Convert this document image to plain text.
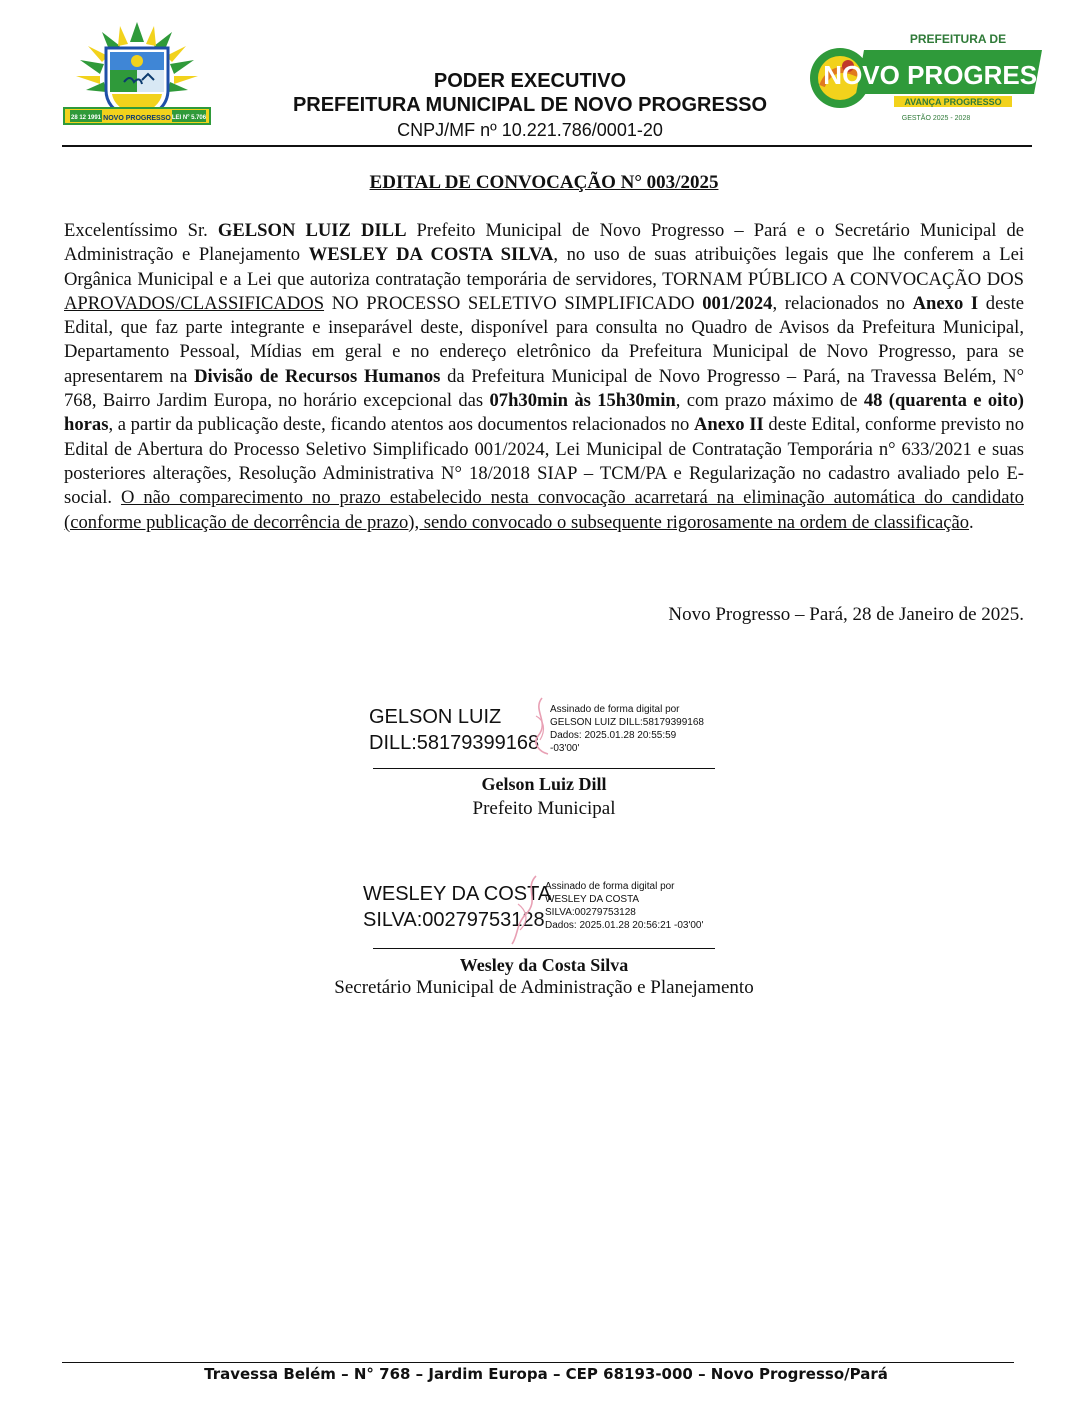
28 12 1991 NOVO PROGRESSO LEI Nº 5.706
PODER EXECUTIVO
PREFEITURA MUNICIPAL DE NOVO PROGRESSO
CNPJ/MF nº 10.221.786/0001-20
PREFEITURA DE
NOVO PROGRESSO
AVANÇA PROGRESSO
GESTÃO 2025 - 2028
EDITAL DE CONVOCAÇÃO N° 003/2025
Excelentíssimo Sr. GELSON LUIZ DILL Prefeito Municipal de Novo Progresso – Pará e o Secretário Municipal de Administração e Planejamento WESLEY DA COSTA SILVA, no uso de suas atribuições legais que lhe conferem a Lei Orgânica Municipal e a Lei que autoriza contratação temporária de servidores, TORNAM PÚBLICO A CONVOCAÇÃO DOS APROVADOS/CLASSIFICADOS NO PROCESSO SELETIVO SIMPLIFICADO 001/2024, relacionados no Anexo I deste Edital, que faz parte integrante e inseparável deste, disponível para consulta no Quadro de Avisos da Prefeitura Municipal, Departamento Pessoal, Mídias em geral e no endereço eletrônico da Prefeitura Municipal de Novo Progresso, para se apresentarem na Divisão de Recursos Humanos da Prefeitura Municipal de Novo Progresso – Pará, na Travessa Belém, N° 768, Bairro Jardim Europa, no horário excepcional das 07h30min às 15h30min, com prazo máximo de 48 (quarenta e oito) horas, a partir da publicação deste, ficando atentos aos documentos relacionados no Anexo II deste Edital, conforme previsto no Edital de Abertura do Processo Seletivo Simplificado 001/2024, Lei Municipal de Contratação Temporária n° 633/2021 e suas posteriores alterações, Resolução Administrativa N° 18/2018 SIAP – TCM/PA e Regularização no cadastro avaliado pelo E-social. O não comparecimento no prazo estabelecido nesta convocação acarretará na eliminação automática do candidato (conforme publicação de decorrência de prazo), sendo convocado o subsequente rigorosamente na ordem de classificação.
Novo Progresso – Pará, 28 de Janeiro de 2025.
GELSON LUIZ
DILL:58179399168
Assinado de forma digital por
GELSON LUIZ DILL:58179399168
Dados: 2025.01.28 20:55:59
-03'00'
Gelson Luiz Dill
Prefeito Municipal
WESLEY DA COSTA
SILVA:00279753128
Assinado de forma digital por
WESLEY DA COSTA
SILVA:00279753128
Dados: 2025.01.28 20:56:21 -03'00'
Wesley da Costa Silva
Secretário Municipal de Administração e Planejamento
Travessa Belém – N° 768 – Jardim Europa – CEP 68193-000 – Novo Progresso/Pará
